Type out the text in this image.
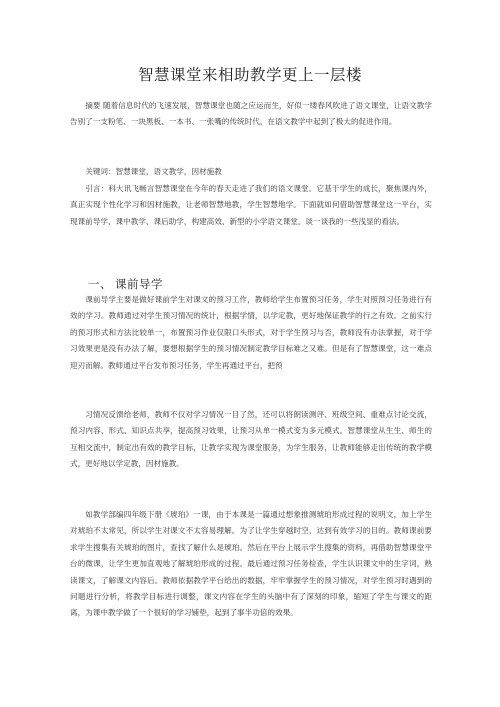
智慧课堂来相助教学更上一层楼

摘要 随着信息时代的飞速发展，智慧课堂也随之应运而生，好似一缕春风吹进了语文课堂，让语文教学告别了一支粉笔、一块黑板、一本书、一张嘴的传统时代，在语文教学中起到了极大的促进作用。

关键词：智慧课堂，语文教学，因材施教

引言：科大讯飞畅言智慧课堂在今年的春天走进了我们的语文课堂。它基于学生的成长，聚焦课内外，真正实现个性化学习和因材施教，让老师智慧地教，学生智慧地学。下面就如何借助智慧课堂这一平台，实现课前导学、课中教学、课后助学，构建高效、新型的小学语文课堂。谈一谈我的一些浅显的看法。

一、 课前导学

课前导学主要是做好课前学生对课文的预习工作，教师给学生布置预习任务，学生对照预习任务进行有效的学习。教师通过对学生预习情况的统计，根据学情，以学定教，更好地保证教学的行之有效。之前实行的预习形式和方法比较单一，布置预习作业仅限口头形式，对于学生预习与否，教师没有办法掌握，对于学习效果更是没有办法了解，要想根据学生的预习情况制定教学目标难之又难。但是有了智慧课堂，这一难点迎刃而解。教师通过平台发布预习任务，学生再通过平台，把预

习情况反馈给老师，教师不仅对学习情况一目了然，还可以将朗读测评、班级空间、重难点讨论交流，预习内容、形式、知识点共享，提高预习效果，让预习从单一模式变为多元模式。智慧课堂从生生、师生的互相交流中，制定出有效的教学目标，让教学实现为课堂服务，为学生服务，让教师能够走出传统的教学模式，更好地以学定教，因材施教。

如教学部编四年级下册《琥珀》一课，由于本课是一篇通过想象推测琥珀形成过程的说明文，加上学生对琥珀不太常见，所以学生对课文不太容易理解。为了让学生穿越时空，达到有效学习的目的。教师课前要求学生搜集有关琥珀的图片，查找了解什么是琥珀。然后在平台上展示学生搜集的资料，再借助智慧课堂平台的微课，让学生更加直观地了解琥珀形成的过程。最后通过预习任务检查，学生认识课文中的生字词，熟读课文，了解课文内容后。教师依据教学平台给出的数据，牢牢掌握学生的预习情况，对学生预习时遇到的问题进行分析，将教学目标进行调整，课文内容在学生的头脑中有了深刻的印象，缩短了学生与课文的距离，为课中教学做了一个很好的学习铺垫，起到了事半功倍的效果。
